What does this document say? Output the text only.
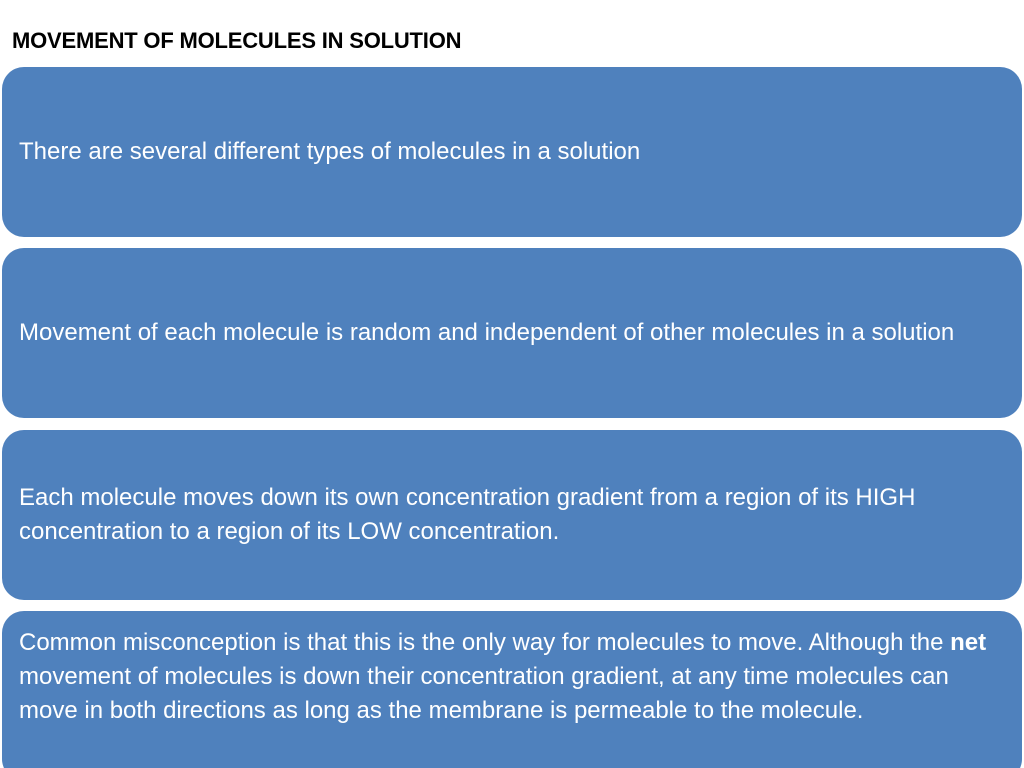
MOVEMENT OF MOLECULES IN SOLUTION

There are several different types of molecules in a solution

Movement of each molecule is random and independent of other molecules in a solution

Each molecule moves down its own concentration gradient from a region of its HIGH concentration to a region of its LOW concentration.

Common misconception is that this is the only way for molecules to move. Although the net movement of molecules is down their concentration gradient, at any time molecules can move in both directions as long as the membrane is permeable to the molecule.
